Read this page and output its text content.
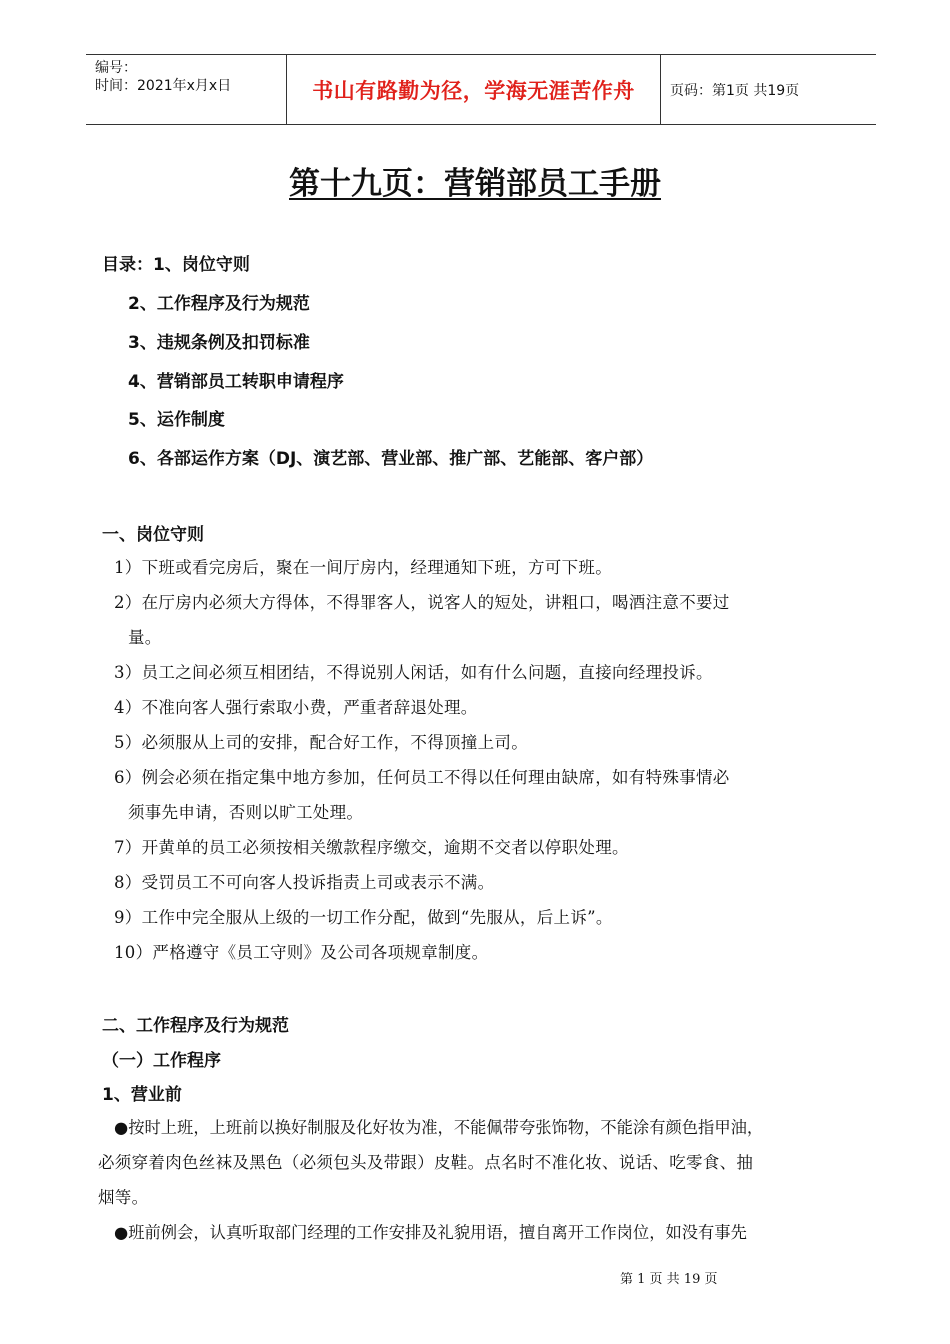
编号：
时间：2021年x月x日	书山有路勤为径，学海无涯苦作舟	页码：第1页 共19页
第十九页：营销部员工手册
目录：1、岗位守则
2、工作程序及行为规范
3、违规条例及扣罚标准
4、营销部员工转职申请程序
5、运作制度
6、各部运作方案（DJ、演艺部、营业部、推广部、艺能部、客户部）
一、岗位守则
1）下班或看完房后，聚在一间厅房内，经理通知下班，方可下班。
2）在厅房内必须大方得体，不得罪客人，说客人的短处，讲粗口，喝酒注意不要过
量。
3）员工之间必须互相团结，不得说别人闲话，如有什么问题，直接向经理投诉。
4）不准向客人强行索取小费，严重者辞退处理。
5）必须服从上司的安排，配合好工作，不得顶撞上司。
6）例会必须在指定集中地方参加，任何员工不得以任何理由缺席，如有特殊事情必
须事先申请，否则以旷工处理。
7）开黄单的员工必须按相关缴款程序缴交，逾期不交者以停职处理。
8）受罚员工不可向客人投诉指责上司或表示不满。
9）工作中完全服从上级的一切工作分配，做到“先服从，后上诉”。
10）严格遵守《员工守则》及公司各项规章制度。
二、工作程序及行为规范
（一）工作程序
1、营业前
●按时上班，上班前以换好制服及化好妆为准，不能佩带夸张饰物，不能涂有颜色指甲油，
必须穿着肉色丝袜及黑色（必须包头及带跟）皮鞋。点名时不准化妆、说话、吃零食、抽
烟等。
●班前例会，认真听取部门经理的工作安排及礼貌用语，擅自离开工作岗位，如没有事先
第 1 页 共 19 页
